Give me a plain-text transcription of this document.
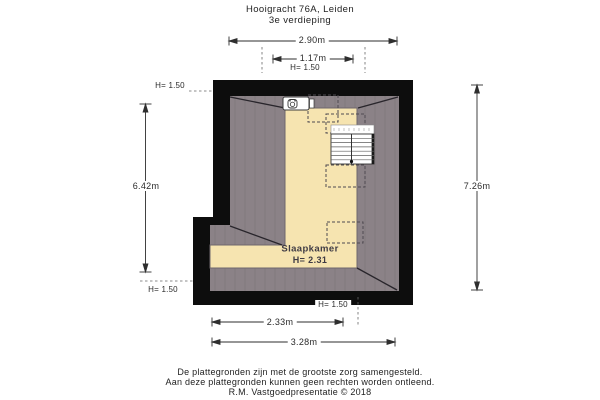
Hooigracht 76A, Leiden
3e verdieping
2.90m
1.17m
H= 1.50
H= 1.50
6.42m
H= 1.50
7.26m
H= 1.50
2.33m
3.28m
Slaapkamer
H= 2.31
De plattegronden zijn met de grootste zorg samengesteld.
Aan deze plattegronden kunnen geen rechten worden ontleend.
R.M. Vastgoedpresentatie © 2018
